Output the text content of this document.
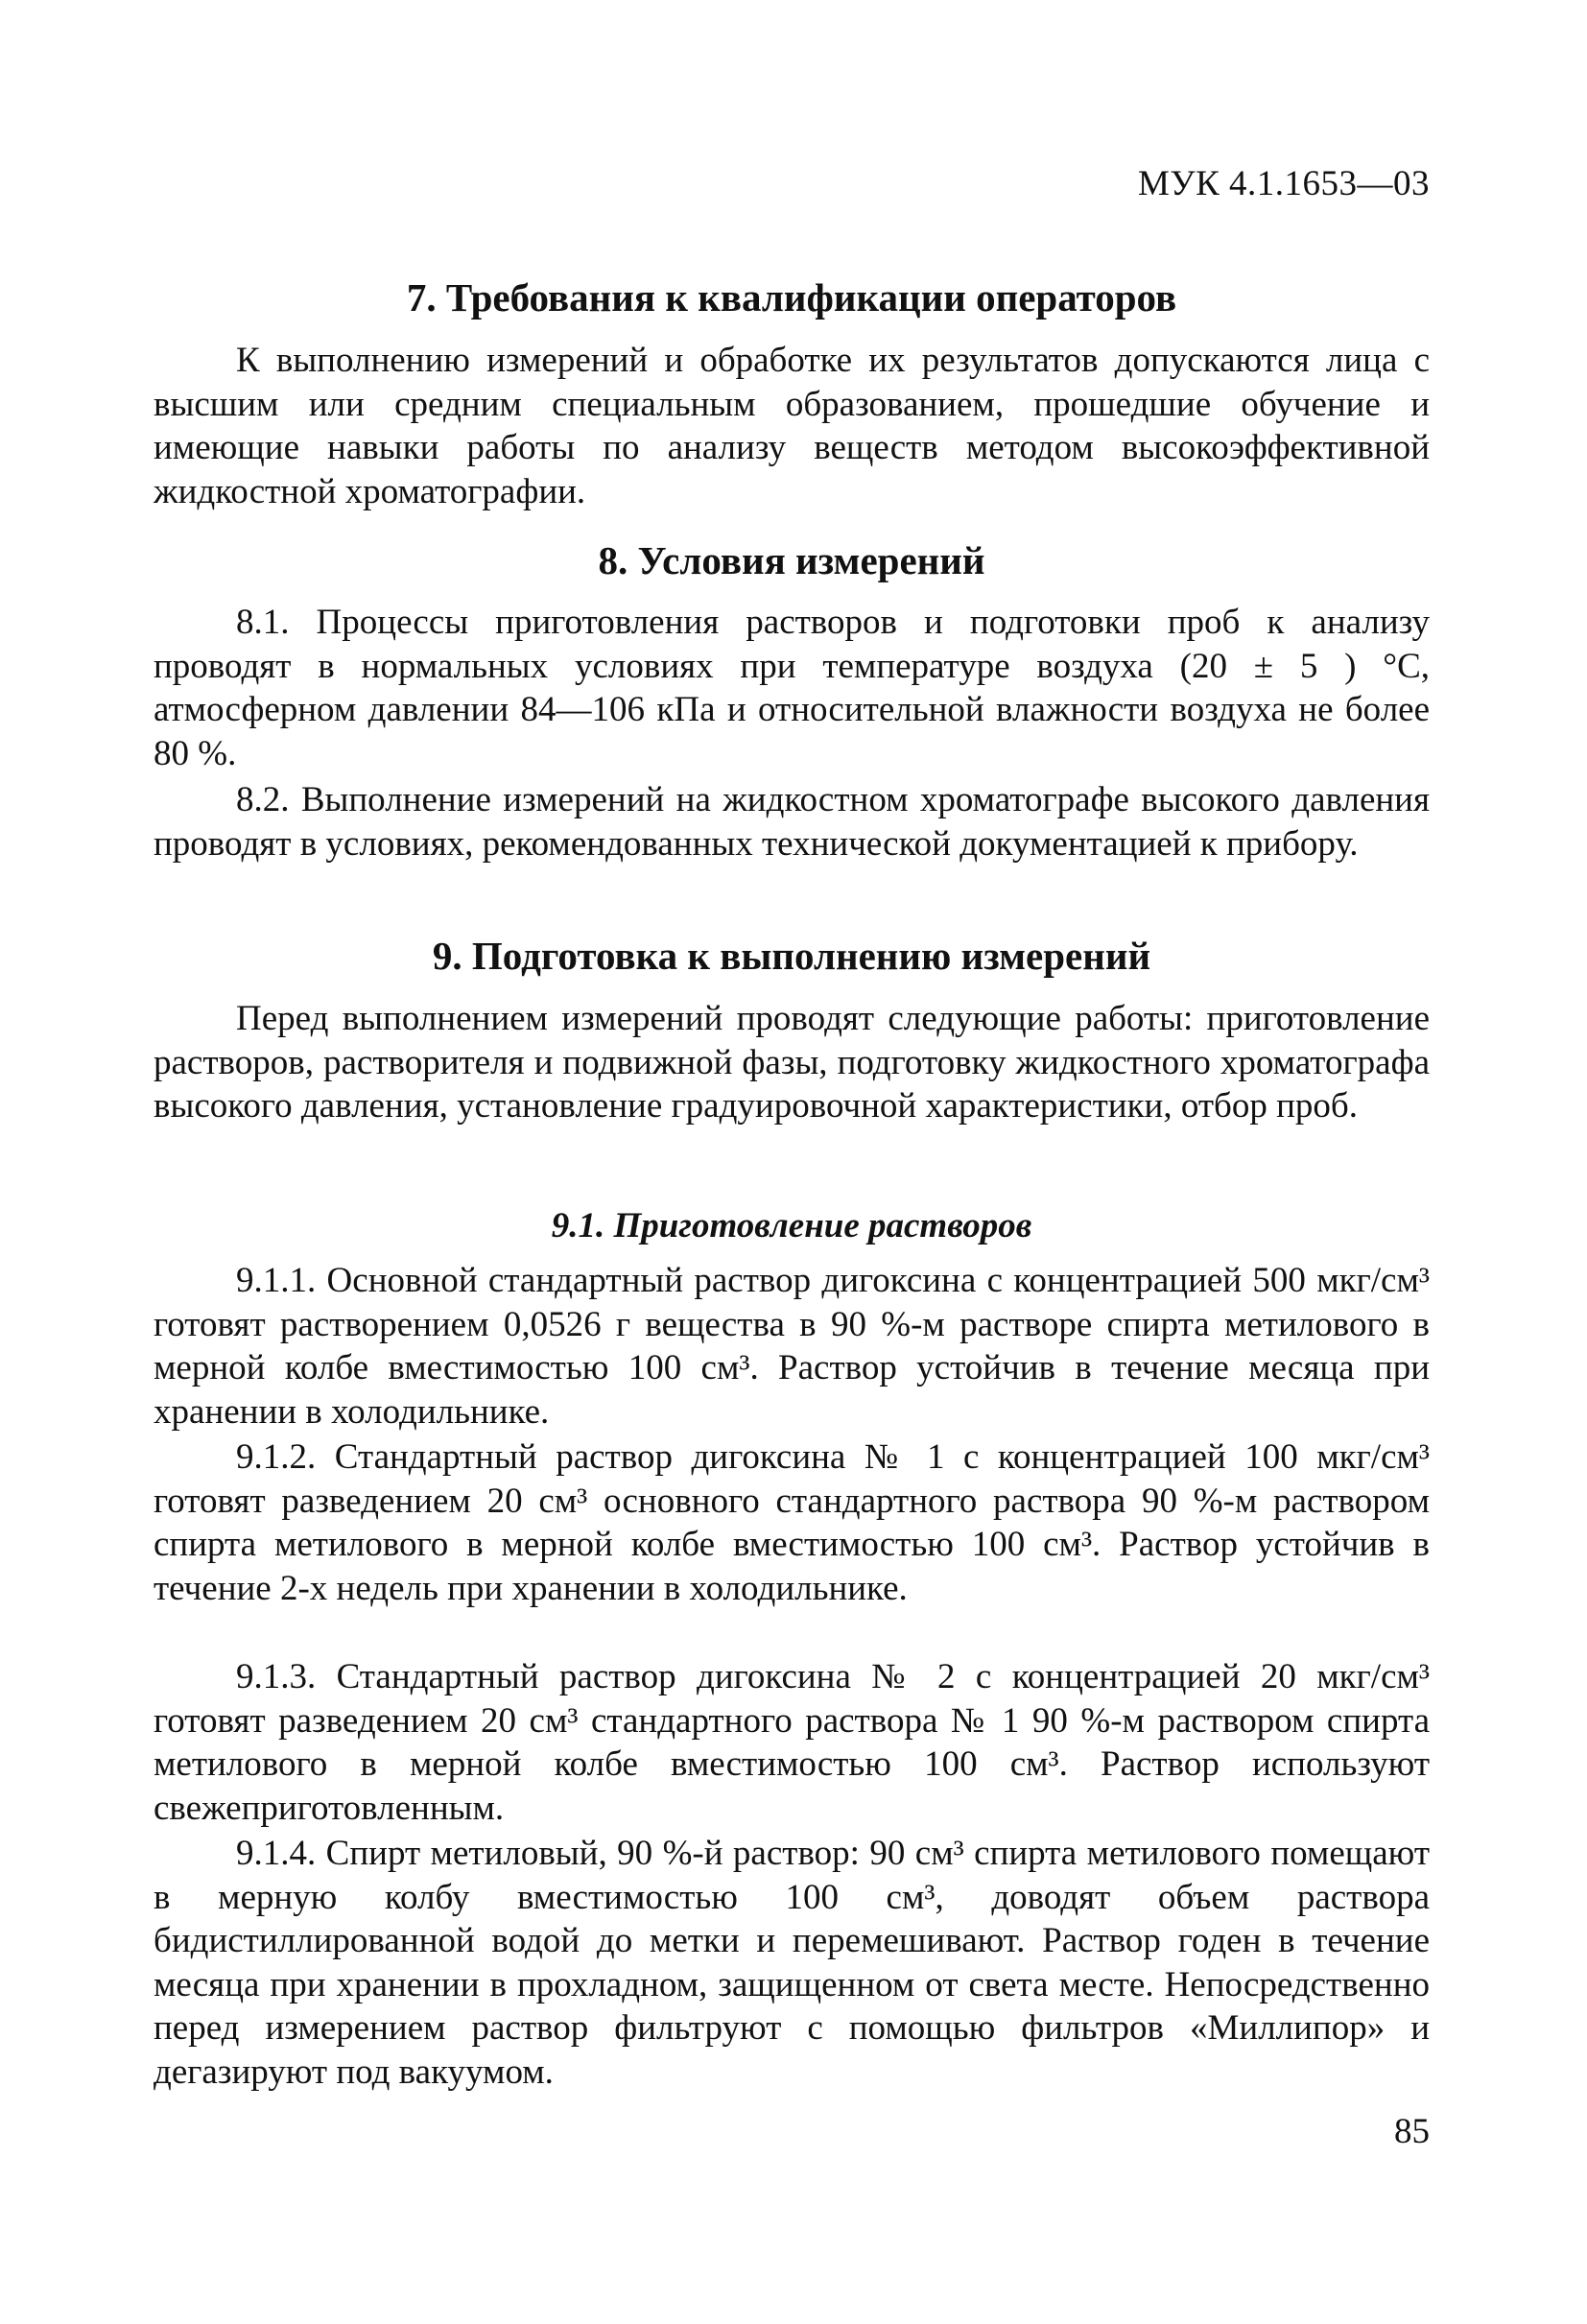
МУК 4.1.1653—03
7. Требования к квалификации операторов

К выполнению измерений и обработке их результатов допускаются лица с высшим или средним специальным образованием, прошедшие обучение и имеющие навыки работы по анализу веществ методом высокоэффективной жидкостной хроматографии.

8. Условия измерений

8.1. Процессы приготовления растворов и подготовки проб к анализу проводят в нормальных условиях при температуре воздуха (20 ± 5 ) °С, атмосферном давлении 84—106 кПа и относительной влажности воздуха не более 80 %.

8.2. Выполнение измерений на жидкостном хроматографе высокого давления проводят в условиях, рекомендованных технической документацией к прибору.

9. Подготовка к выполнению измерений

Перед выполнением измерений проводят следующие работы: приготовление растворов, растворителя и подвижной фазы, подготовку жидкостного хроматографа высокого давления, установление градуировочной характеристики, отбор проб.

9.1. Приготовление растворов

9.1.1. Основной стандартный раствор дигоксина с концентрацией 500 мкг/см³ готовят растворением 0,0526 г вещества в 90 %-м растворе спирта метилового в мерной колбе вместимостью 100 см³. Раствор устойчив в течение месяца при хранении в холодильнике.

9.1.2. Стандартный раствор дигоксина № 1 с концентрацией 100 мкг/см³ готовят разведением 20 см³ основного стандартного раствора 90 %-м раствором спирта метилового в мерной колбе вместимостью 100 см³. Раствор устойчив в течение 2-х недель при хранении в холодильнике.

9.1.3. Стандартный раствор дигоксина № 2 с концентрацией 20 мкг/см³ готовят разведением 20 см³ стандартного раствора № 1 90 %-м раствором спирта метилового в мерной колбе вместимостью 100 см³. Раствор используют свежеприготовленным.

9.1.4. Спирт метиловый, 90 %-й раствор: 90 см³ спирта метилового помещают в мерную колбу вместимостью 100 см³, доводят объем раствора бидистиллированной водой до метки и перемешивают. Раствор годен в течение месяца при хранении в прохладном, защищенном от света месте. Непосредственно перед измерением раствор фильтруют с помощью фильтров «Миллипор» и дегазируют под вакуумом.

85
